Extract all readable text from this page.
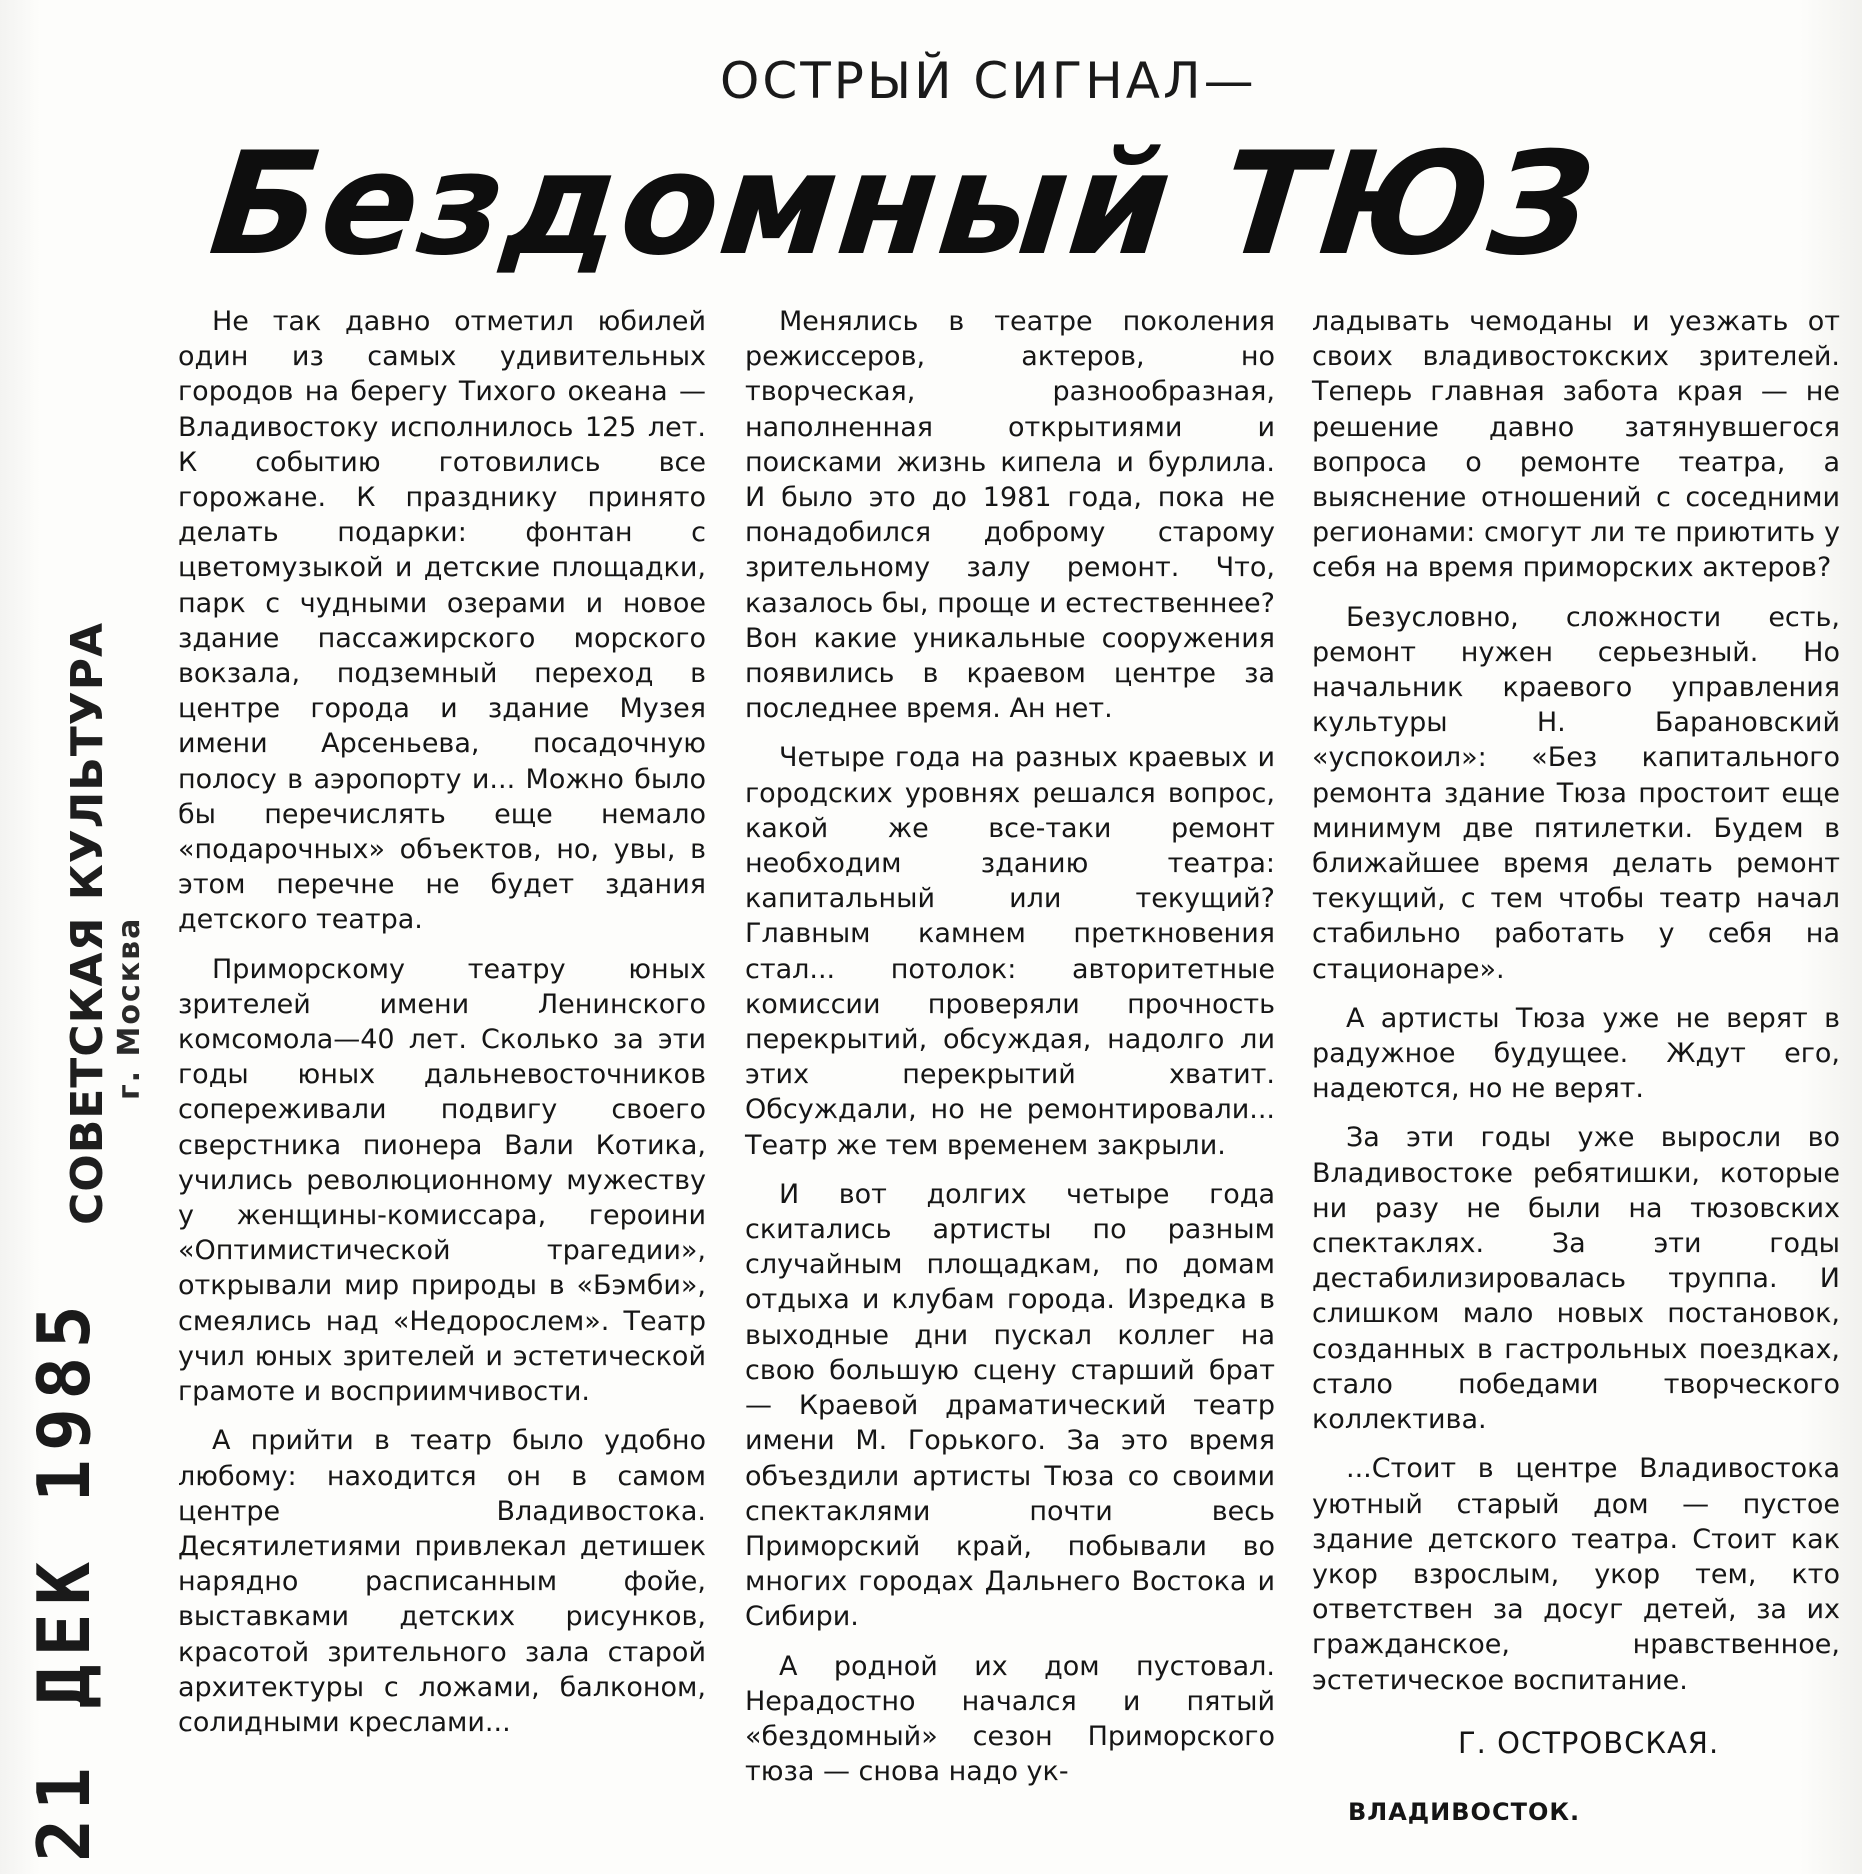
СОВЕТСКАЯ КУЛЬТУРА г. Москва
21 ДЕК 1985
ОСТРЫЙ СИГНАЛ—
Бездомный ТЮЗ

Не так давно отметил юбилей один из самых удивительных городов на берегу Тихого океана — Владивостоку исполнилось 125 лет. К событию готовились все горожане. К празднику принято делать подарки: фонтан с цветомузыкой и детские площадки, парк с чудными озерами и новое здание пассажирского морского вокзала, подземный переход в центре города и здание Музея имени Арсеньева, посадочную полосу в аэропорту и... Можно было бы перечислять еще немало «подарочных» объектов, но, увы, в этом перечне не будет здания детского театра.

Приморскому театру юных зрителей имени Ленинского комсомола—40 лет. Сколько за эти годы юных дальневосточников сопереживали подвигу своего сверстника пионера Вали Котика, учились революционному мужеству у женщины-комиссара, героини «Оптимистической трагедии», открывали мир природы в «Бэмби», смеялись над «Недорослем». Театр учил юных зрителей и эстетической грамоте и восприимчивости.

А прийти в театр было удобно любому: находится он в самом центре Владивостока. Десятилетиями привлекал детишек нарядно расписанным фойе, выставками детских рисунков, красотой зрительного зала старой архитектуры с ложами, балконом, солидными креслами...

Менялись в театре поколения режиссеров, актеров, но творческая, разнообразная, наполненная открытиями и поисками жизнь кипела и бурлила. И было это до 1981 года, пока не понадобился доброму старому зрительному залу ремонт. Что, казалось бы, проще и естественнее? Вон какие уникальные сооружения появились в краевом центре за последнее время. Ан нет.

Четыре года на разных краевых и городских уровнях решался вопрос, какой же все-таки ремонт необходим зданию театра: капитальный или текущий? Главным камнем преткновения стал... потолок: авторитетные комиссии проверяли прочность перекрытий, обсуждая, надолго ли этих перекрытий хватит. Обсуждали, но не ремонтировали... Театр же тем временем закрыли.

И вот долгих четыре года скитались артисты по разным случайным площадкам, по домам отдыха и клубам города. Изредка в выходные дни пускал коллег на свою большую сцену старший брат — Краевой драматический театр имени М. Горького. За это время объездили артисты Тюза со своими спектаклями почти весь Приморский край, побывали во многих городах Дальнего Востока и Сибири.

А родной их дом пустовал. Нерадостно начался и пятый «бездомный» сезон Приморского тюза — снова надо ук-

ладывать чемоданы и уезжать от своих владивостокских зрителей. Теперь главная забота края — не решение давно затянувшегося вопроса о ремонте театра, а выяснение отношений с соседними регионами: смогут ли те приютить у себя на время приморских актеров?

Безусловно, сложности есть, ремонт нужен серьезный. Но начальник краевого управления культуры Н. Барановский «успокоил»: «Без капитального ремонта здание Тюза простоит еще минимум две пятилетки. Будем в ближайшее время делать ремонт текущий, с тем чтобы театр начал стабильно работать у себя на стационаре».

А артисты Тюза уже не верят в радужное будущее. Ждут его, надеются, но не верят.

За эти годы уже выросли во Владивостоке ребятишки, которые ни разу не были на тюзовских спектаклях. За эти годы дестабилизировалась труппа. И слишком мало новых постановок, созданных в гастрольных поездках, стало победами творческого коллектива.

...Стоит в центре Владивостока уютный старый дом — пустое здание детского театра. Стоит как укор взрослым, укор тем, кто ответствен за досуг детей, за их гражданское, нравственное, эстетическое воспитание.

Г. ОСТРОВСКАЯ.
ВЛАДИВОСТОК.
